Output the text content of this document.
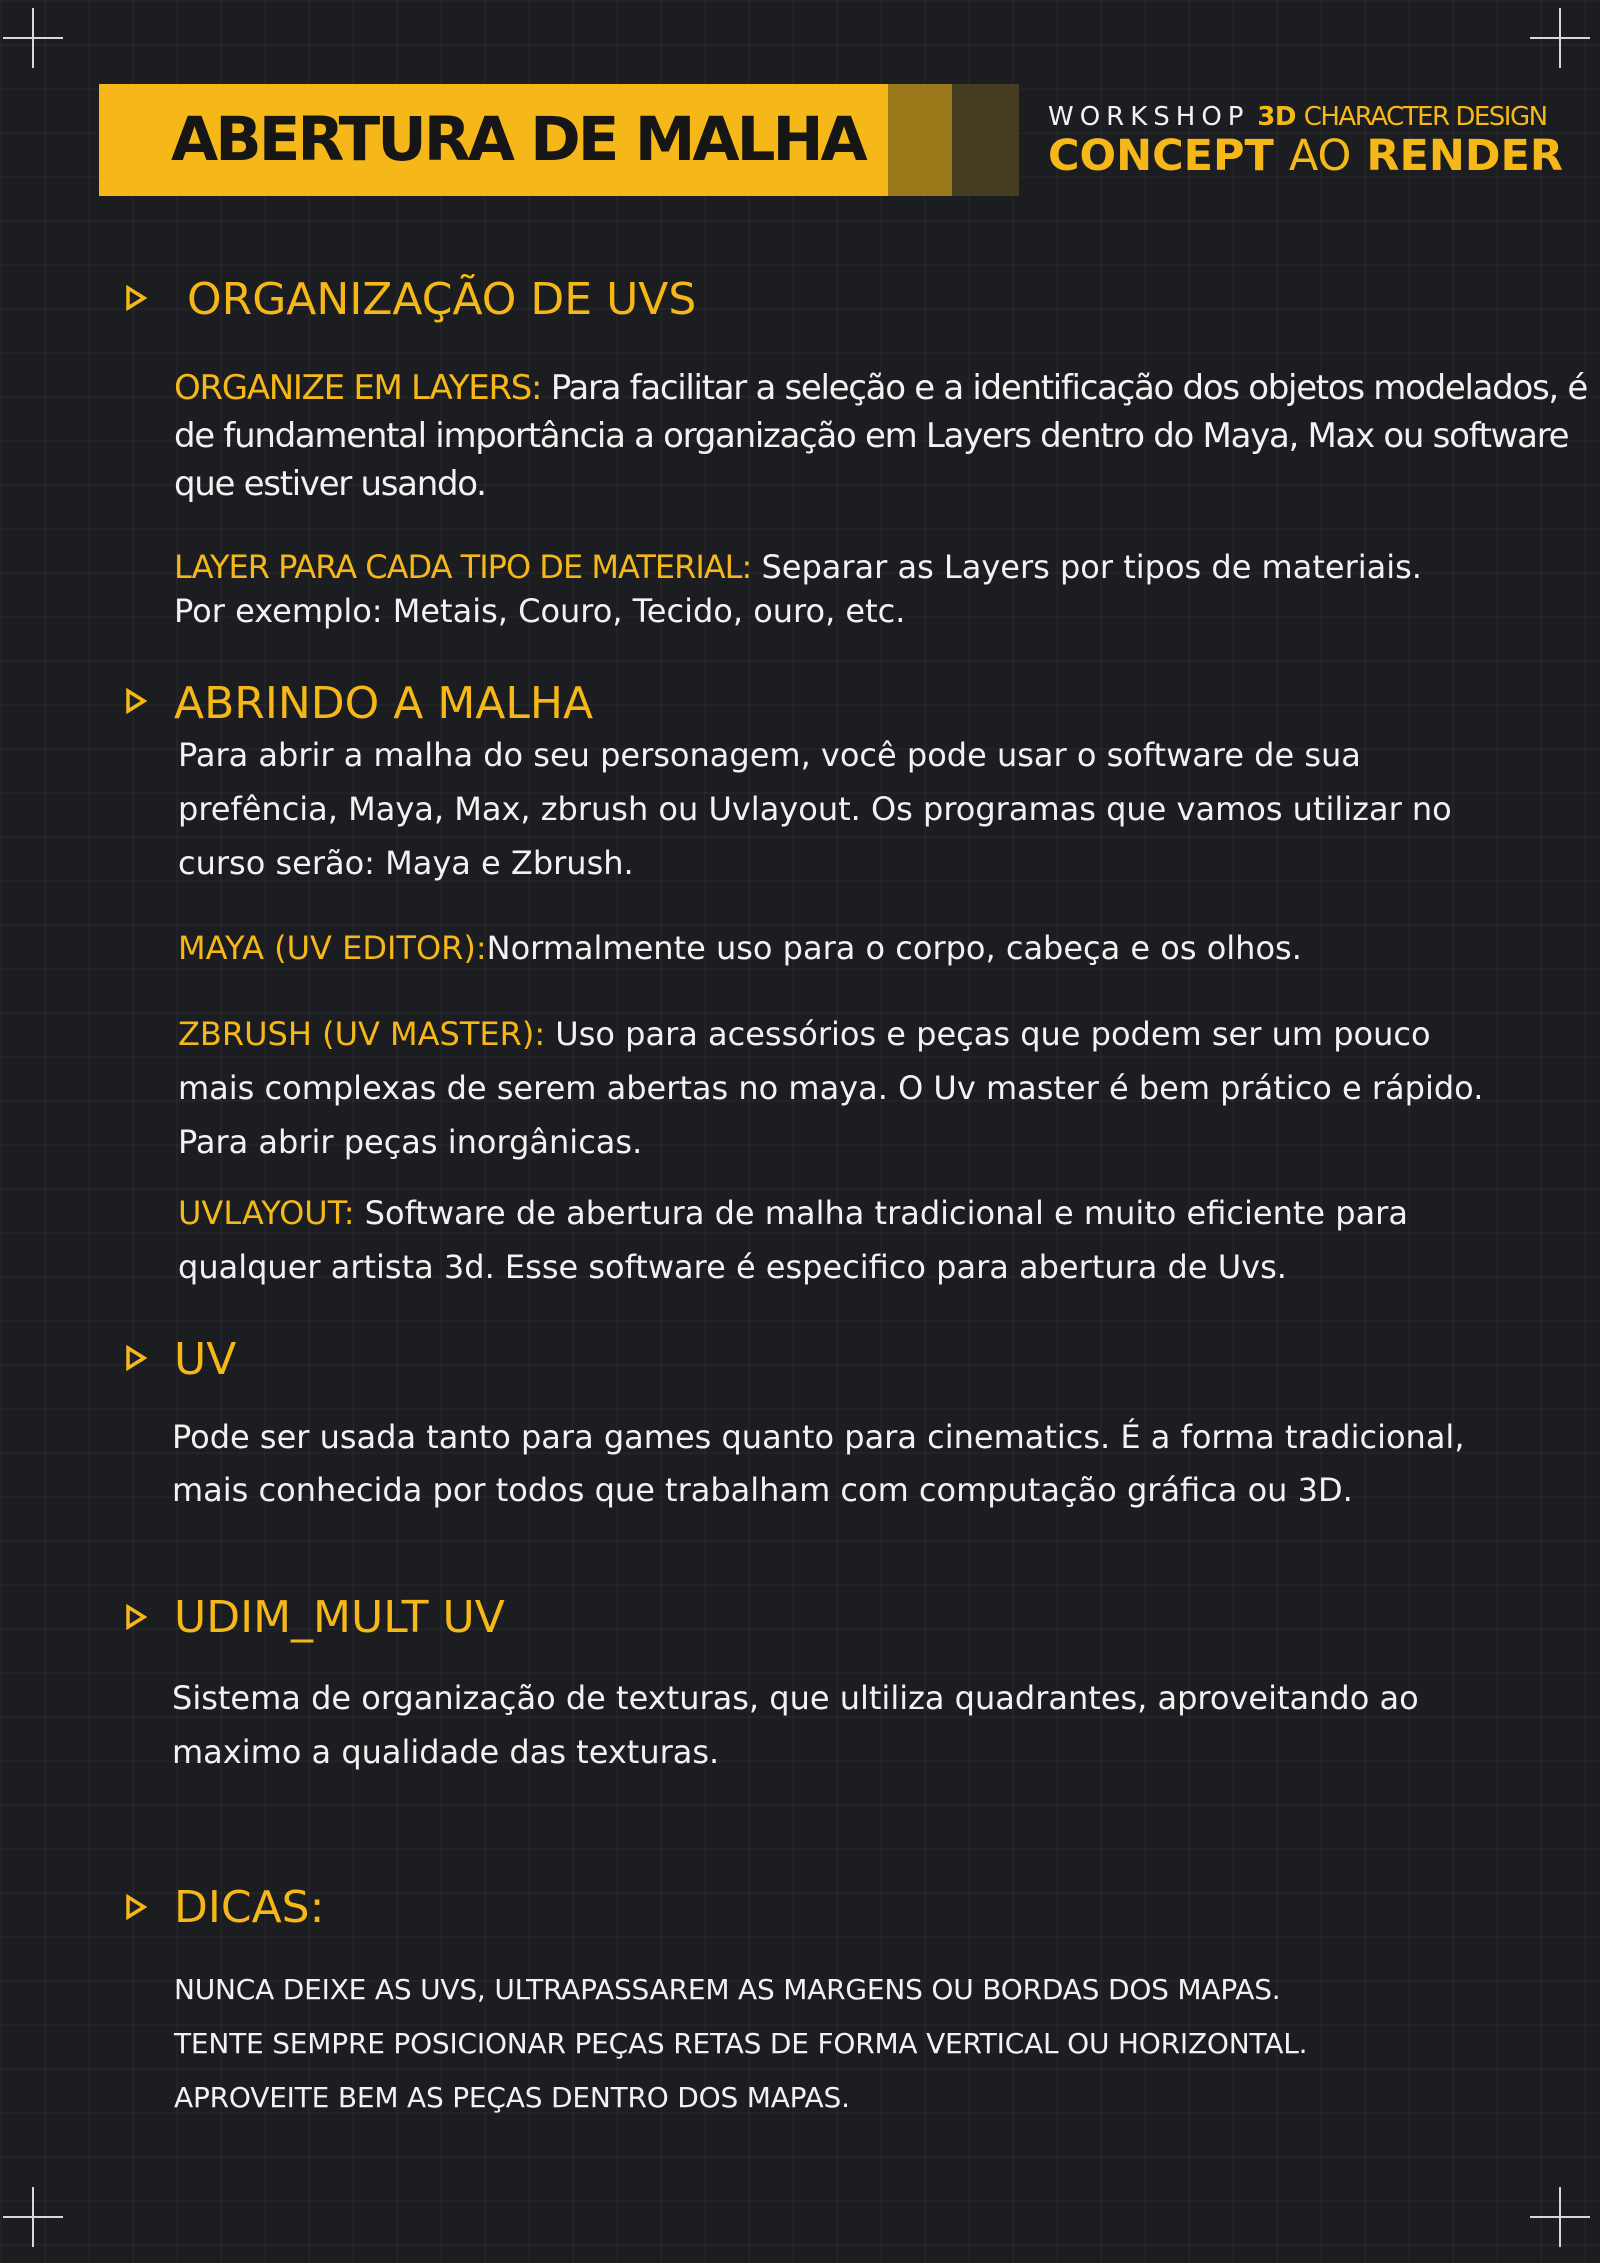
ABERTURA DE MALHA	WORKSHOP 3D CHARACTER DESIGN
CONCEPT AO RENDER
ORGANIZAÇÃO DE UVS

ORGANIZE EM LAYERS: Para facilitar a seleção e a identificação dos objetos modelados, é
de fundamental importância a organização em Layers dentro do Maya, Max ou software
que estiver usando.

LAYER PARA CADA TIPO DE MATERIAL: Separar as Layers por tipos de materiais.
Por exemplo: Metais, Couro, Tecido, ouro, etc.

ABRINDO A MALHA

Para abrir a malha do seu personagem, você pode usar o software de sua
prefência, Maya, Max, zbrush ou Uvlayout. Os programas que vamos utilizar no
curso serão: Maya e Zbrush.

MAYA (UV EDITOR):Normalmente uso para o corpo, cabeça e os olhos.

ZBRUSH (UV MASTER): Uso para acessórios e peças que podem ser um pouco
mais complexas de serem abertas no maya. O Uv master é bem prático e rápido.
Para abrir peças inorgânicas.

UVLAYOUT: Software de abertura de malha tradicional e muito eficiente para
qualquer artista 3d. Esse software é especifico para abertura de Uvs.

UV

Pode ser usada tanto para games quanto para cinematics. É a forma tradicional,
mais conhecida por todos que trabalham com computação gráfica ou 3D.

UDIM_MULT UV

Sistema de organização de texturas, que ultiliza quadrantes, aproveitando ao
maximo a qualidade das texturas.

DICAS:

NUNCA DEIXE AS UVS, ULTRAPASSAREM AS MARGENS OU BORDAS DOS MAPAS.
TENTE SEMPRE POSICIONAR PEÇAS RETAS DE FORMA VERTICAL OU HORIZONTAL.
APROVEITE BEM AS PEÇAS DENTRO DOS MAPAS.
